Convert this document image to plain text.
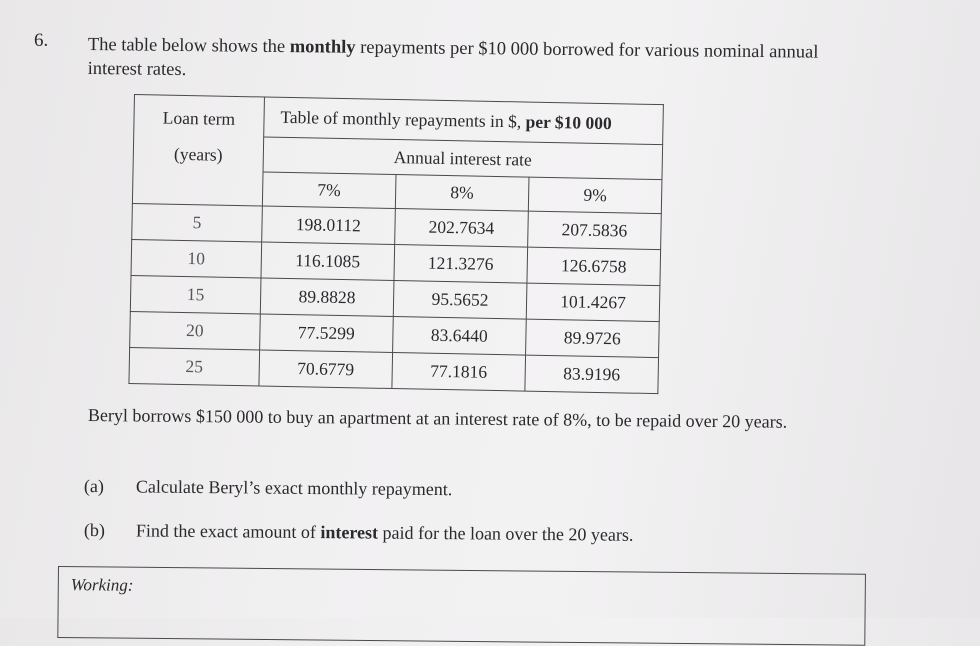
6. The table below shows the monthly repayments per $10 000 borrowed for various nominal annual interest rates.
Loan term
(years)	Table of monthly repayments in $, per $10 000		
	Annual interest rate		
	7%	8%	9%
5	198.0112	202.7634	207.5836
10	116.1085	121.3276	126.6758
15	89.8828	95.5652	101.4267
20	77.5299	83.6440	89.9726
25	70.6779	77.1816	83.9196
Beryl borrows $150 000 to buy an apartment at an interest rate of 8%, to be repaid over 20 years.
(a) Calculate Beryl’s exact monthly repayment.
(b) Find the exact amount of interest paid for the loan over the 20 years.
Working:
